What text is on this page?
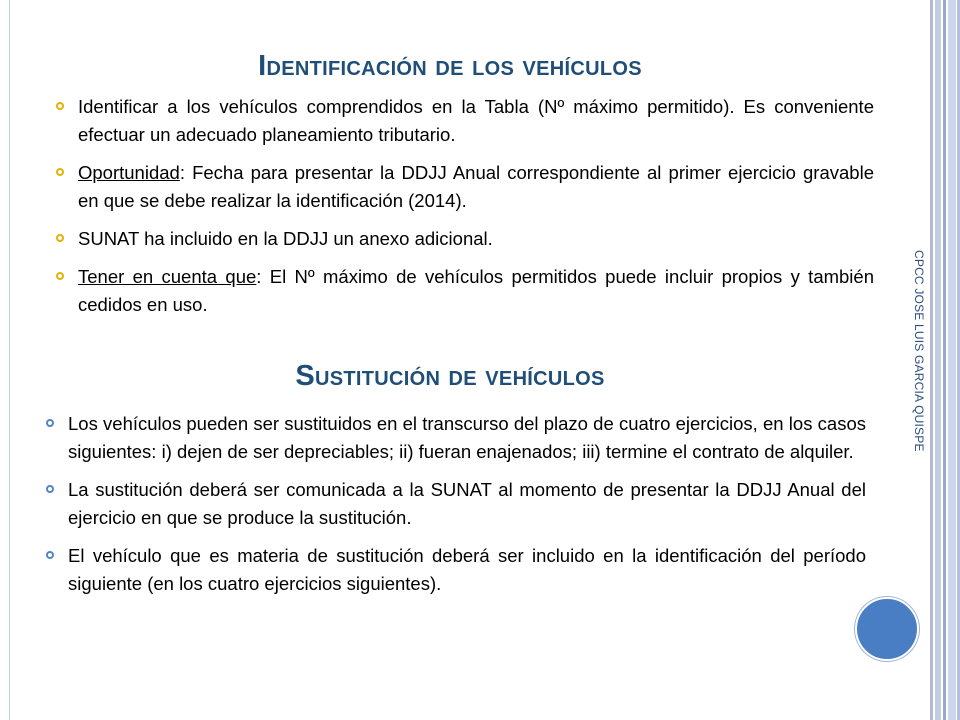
Identificación de los vehículos
Identificar a los vehículos comprendidos en la Tabla (Nº máximo permitido). Es conveniente efectuar un adecuado planeamiento tributario.
Oportunidad: Fecha para presentar la DDJJ Anual correspondiente al primer ejercicio gravable en que se debe realizar la identificación (2014).
SUNAT ha incluido en la DDJJ un anexo adicional.
Tener en cuenta que: El Nº máximo de vehículos permitidos puede incluir propios y también cedidos en uso.
Sustitución de vehículos
Los vehículos pueden ser sustituidos en el transcurso del plazo de cuatro ejercicios, en los casos siguientes: i) dejen de ser depreciables; ii) fueran enajenados; iii) termine el contrato de alquiler.
La sustitución deberá ser comunicada a la SUNAT al momento de presentar la DDJJ Anual del ejercicio en que se produce la sustitución.
El vehículo que es materia de sustitución deberá ser incluido en la identificación del período siguiente (en los cuatro ejercicios siguientes).
CPCC JOSE LUIS GARCIA QUISPE
